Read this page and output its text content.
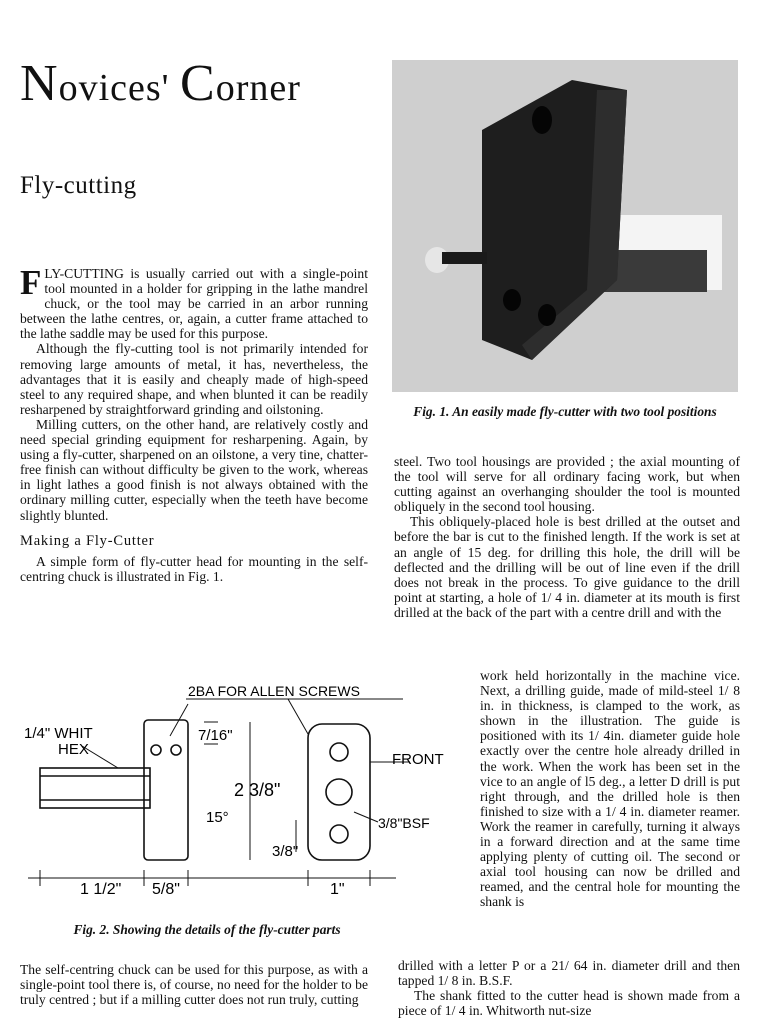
Novices' Corner
Fly-cutting

FLY-CUTTING is usually carried out with a single-point tool mounted in a holder for gripping in the lathe mandrel chuck, or the tool may be carried in an arbor running between the lathe centres, or, again, a cutter frame attached to the lathe saddle may be used for this purpose.

Although the fly-cutting tool is not primarily intended for removing large amounts of metal, it has, nevertheless, the advantages that it is easily and cheaply made of high-speed steel to any required shape, and when blunted it can be readily resharpened by straightforward grinding and oilstoning.

Milling cutters, on the other hand, are relatively costly and need special grinding equipment for resharpening. Again, by using a fly-cutter, sharpened on an oilstone, a very tine, chatter-free finish can without difficulty be given to the work, whereas in light lathes a good finish is not always obtained with the ordinary milling cutter, especially when the teeth have become slightly blunted.

Making a Fly-Cutter

A simple form of fly-cutter head for mounting in the self-centring chuck is illustrated in Fig. 1.

2BA FOR ALLEN SCREWS
1/4" WHIT
HEX
7/16"
2 3/8"
15°
3/8"
FRONT
3/8"BSF
1 1/2" 5/8"	1"
Fig. 2. Showing the details of the fly-cutter parts

The self-centring chuck can be used for this purpose, as with a single-point tool there is, of course, no need for the holder to be truly centred ; but if a milling cutter does not run truly, cutting

Fig. 1. An easily made fly-cutter with two tool positions

steel. Two tool housings are provided ; the axial mounting of the tool will serve for all ordinary facing work, but when cutting against an overhanging shoulder the tool is mounted obliquely in the second tool housing.

This obliquely-placed hole is best drilled at the outset and before the bar is cut to the finished length. If the work is set at an angle of 15 deg. for drilling this hole, the drill will be deflected and the drilling will be out of line even if the drill does not break in the process. To give guidance to the drill point at starting, a hole of 1/ 4 in. diameter at its mouth is first drilled at the back of the part with a centre drill and with the

work held horizontally in the machine vice. Next, a drilling guide, made of mild-steel 1/ 8 in. in thickness, is clamped to the work, as shown in the illustration. The guide is positioned with its 1/ 4in. diameter guide hole exactly over the centre hole already drilled in the work. When the work has been set in the vice to an angle of l5 deg., a letter D drill is put right through, and the drilled hole is then finished to size with a 1/ 4 in. diameter reamer. Work the reamer in carefully, turning it always in a forward direction and at the same time applying plenty of cutting oil. The second or axial tool housing can now be drilled and reamed, and the central hole for mounting the shank is

drilled with a letter P or a 21/ 64 in. diameter drill and then tapped 1/ 8 in. B.S.F.

The shank fitted to the cutter head is shown made from a piece of 1/ 4 in. Whitworth nut-size
